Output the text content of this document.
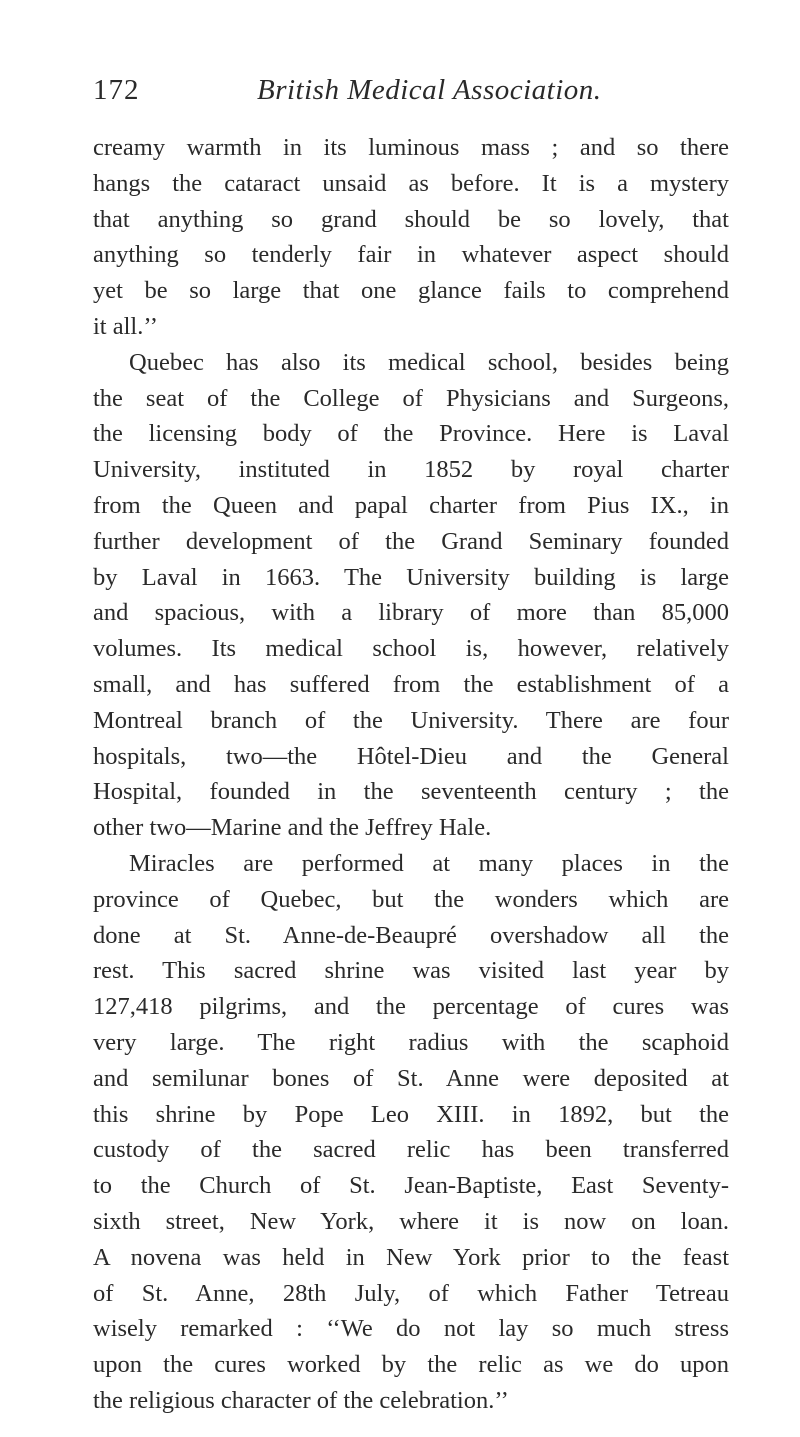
172	British Medical Association.
creamy warmth in its luminous mass ; and so there
hangs the cataract unsaid as before. It is a mystery
that anything so grand should be so lovely, that
anything so tenderly fair in whatever aspect should
yet be so large that one glance fails to comprehend
it all.’’
Quebec has also its medical school, besides being
the seat of the College of Physicians and Surgeons,
the licensing body of the Province. Here is Laval
University, instituted in 1852 by royal charter
from the Queen and papal charter from Pius IX., in
further development of the Grand Seminary founded
by Laval in 1663. The University building is large
and spacious, with a library of more than 85,000
volumes. Its medical school is, however, relatively
small, and has suffered from the establishment of a
Montreal branch of the University. There are four
hospitals, two—the Hôtel-Dieu and the General
Hospital, founded in the seventeenth century ; the
other two—Marine and the Jeffrey Hale.
Miracles are performed at many places in the
province of Quebec, but the wonders which are
done at St. Anne-de-Beaupré overshadow all the
rest. This sacred shrine was visited last year by
127,418 pilgrims, and the percentage of cures was
very large. The right radius with the scaphoid
and semilunar bones of St. Anne were deposited at
this shrine by Pope Leo XIII. in 1892, but the
custody of the sacred relic has been transferred
to the Church of St. Jean-Baptiste, East Seventy-
sixth street, New York, where it is now on loan.
A novena was held in New York prior to the feast
of St. Anne, 28th July, of which Father Tetreau
wisely remarked : ‘‘We do not lay so much stress
upon the cures worked by the relic as we do upon
the religious character of the celebration.’’
